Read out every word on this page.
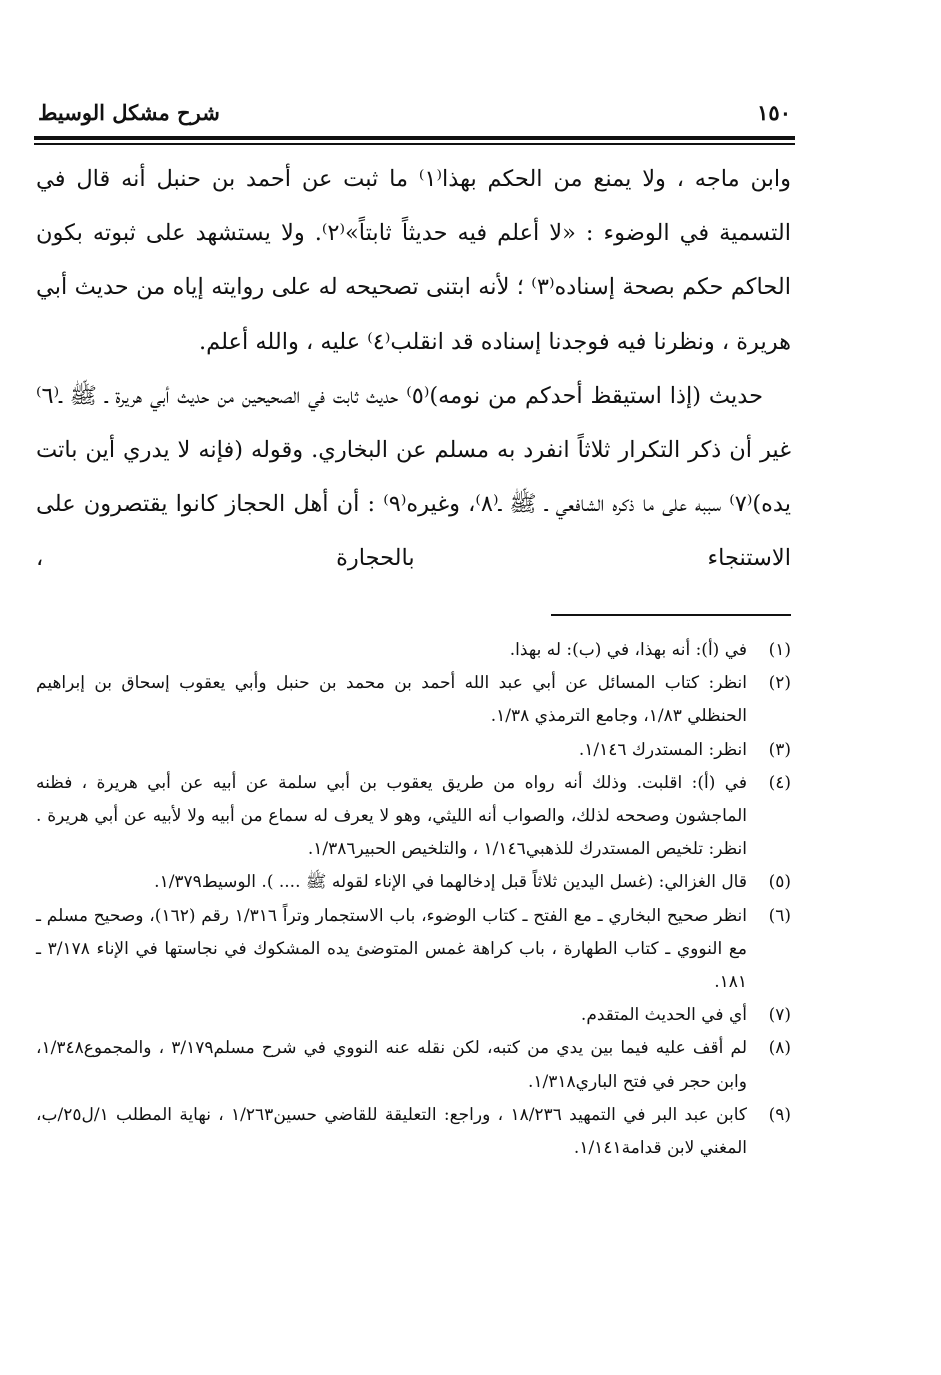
شرح مشكل الوسيط	١٥٠

وابن ماجه ، ولا يمنع من الحكم بهذا⁽١⁾ ما ثبت عن أحمد بن حنبل أنه قال في التسمية في الوضوء : «لا أعلم فيه حديثاً ثابتاً»⁽٢⁾. ولا يستشهد على ثبوته بكون الحاكم حكم بصحة إسناده⁽٣⁾ ؛ لأنه ابتنى تصحيحه له على روايته إياه من حديث أبي هريرة ، ونظرنا فيه فوجدنا إسناده قد انقلب⁽٤⁾ عليه ، والله أعلم.

حديث (إذا استيقظ أحدكم من نومه)⁽٥⁾ حديث ثابت في الصحيحين من حديث أبي هريرة ـ ﷺ ـ⁽٦⁾ غير أن ذكر التكرار ثلاثاً انفرد به مسلم عن البخاري. وقوله (فإنه لا يدري أين باتت يده)⁽٧⁾ سببه على ما ذكره الشافعي ـ ﷺ ـ⁽٨⁾، وغيره⁽٩⁾ : أن أهل الحجاز كانوا يقتصرون على الاستنجاء بالحجارة ،

(١)
في (أ): أنه بهذا، في (ب): له بهذا.
(٢)
انظر: كتاب المسائل عن أبي عبد الله أحمد بن محمد بن حنبل وأبي يعقوب إسحاق بن إبراهيم الحنظلي ١/٨٣، وجامع الترمذي ١/٣٨.
(٣)
انظر: المستدرك ١/١٤٦.
(٤)
في (أ): اقلبت. وذلك أنه رواه من طريق يعقوب بن أبي سلمة عن أبيه عن أبي هريرة ، فظنه الماجشون وصححه لذلك، والصواب أنه الليثي، وهو لا يعرف له سماع من أبيه ولا لأبيه عن أبي هريرة . انظر: تلخيص المستدرك للذهبي١/١٤٦ ، والتلخيص الحبير١/٣٨٦.
(٥)
قال الغزالي: (غسل اليدين ثلاثاً قبل إدخالهما في الإناء لقوله ﷺ .... ). الوسيط١/٣٧٩.
(٦)
انظر صحيح البخاري ـ مع الفتح ـ كتاب الوضوء، باب الاستجمار وتراً ١/٣١٦ رقم (١٦٢)، وصحيح مسلم ـ مع النووي ـ كتاب الطهارة ، باب كراهة غمس المتوضئ يده المشكوك في نجاستها في الإناء ٣/١٧٨ ـ ١٨١.
(٧)
أي في الحديث المتقدم.
(٨)
لم أقف عليه فيما بين يدي من كتبه، لكن نقله عنه النووي في شرح مسلم٣/١٧٩ ، والمجموع١/٣٤٨، وابن حجر في فتح الباري١/٣١٨.
(٩)
كابن عبد البر في التمهيد ١٨/٢٣٦ ، وراجع: التعليقة للقاضي حسين١/٢٦٣ ، نهاية المطلب ١/ل٢٥/ب، المغني لابن قدامة١/١٤١.
